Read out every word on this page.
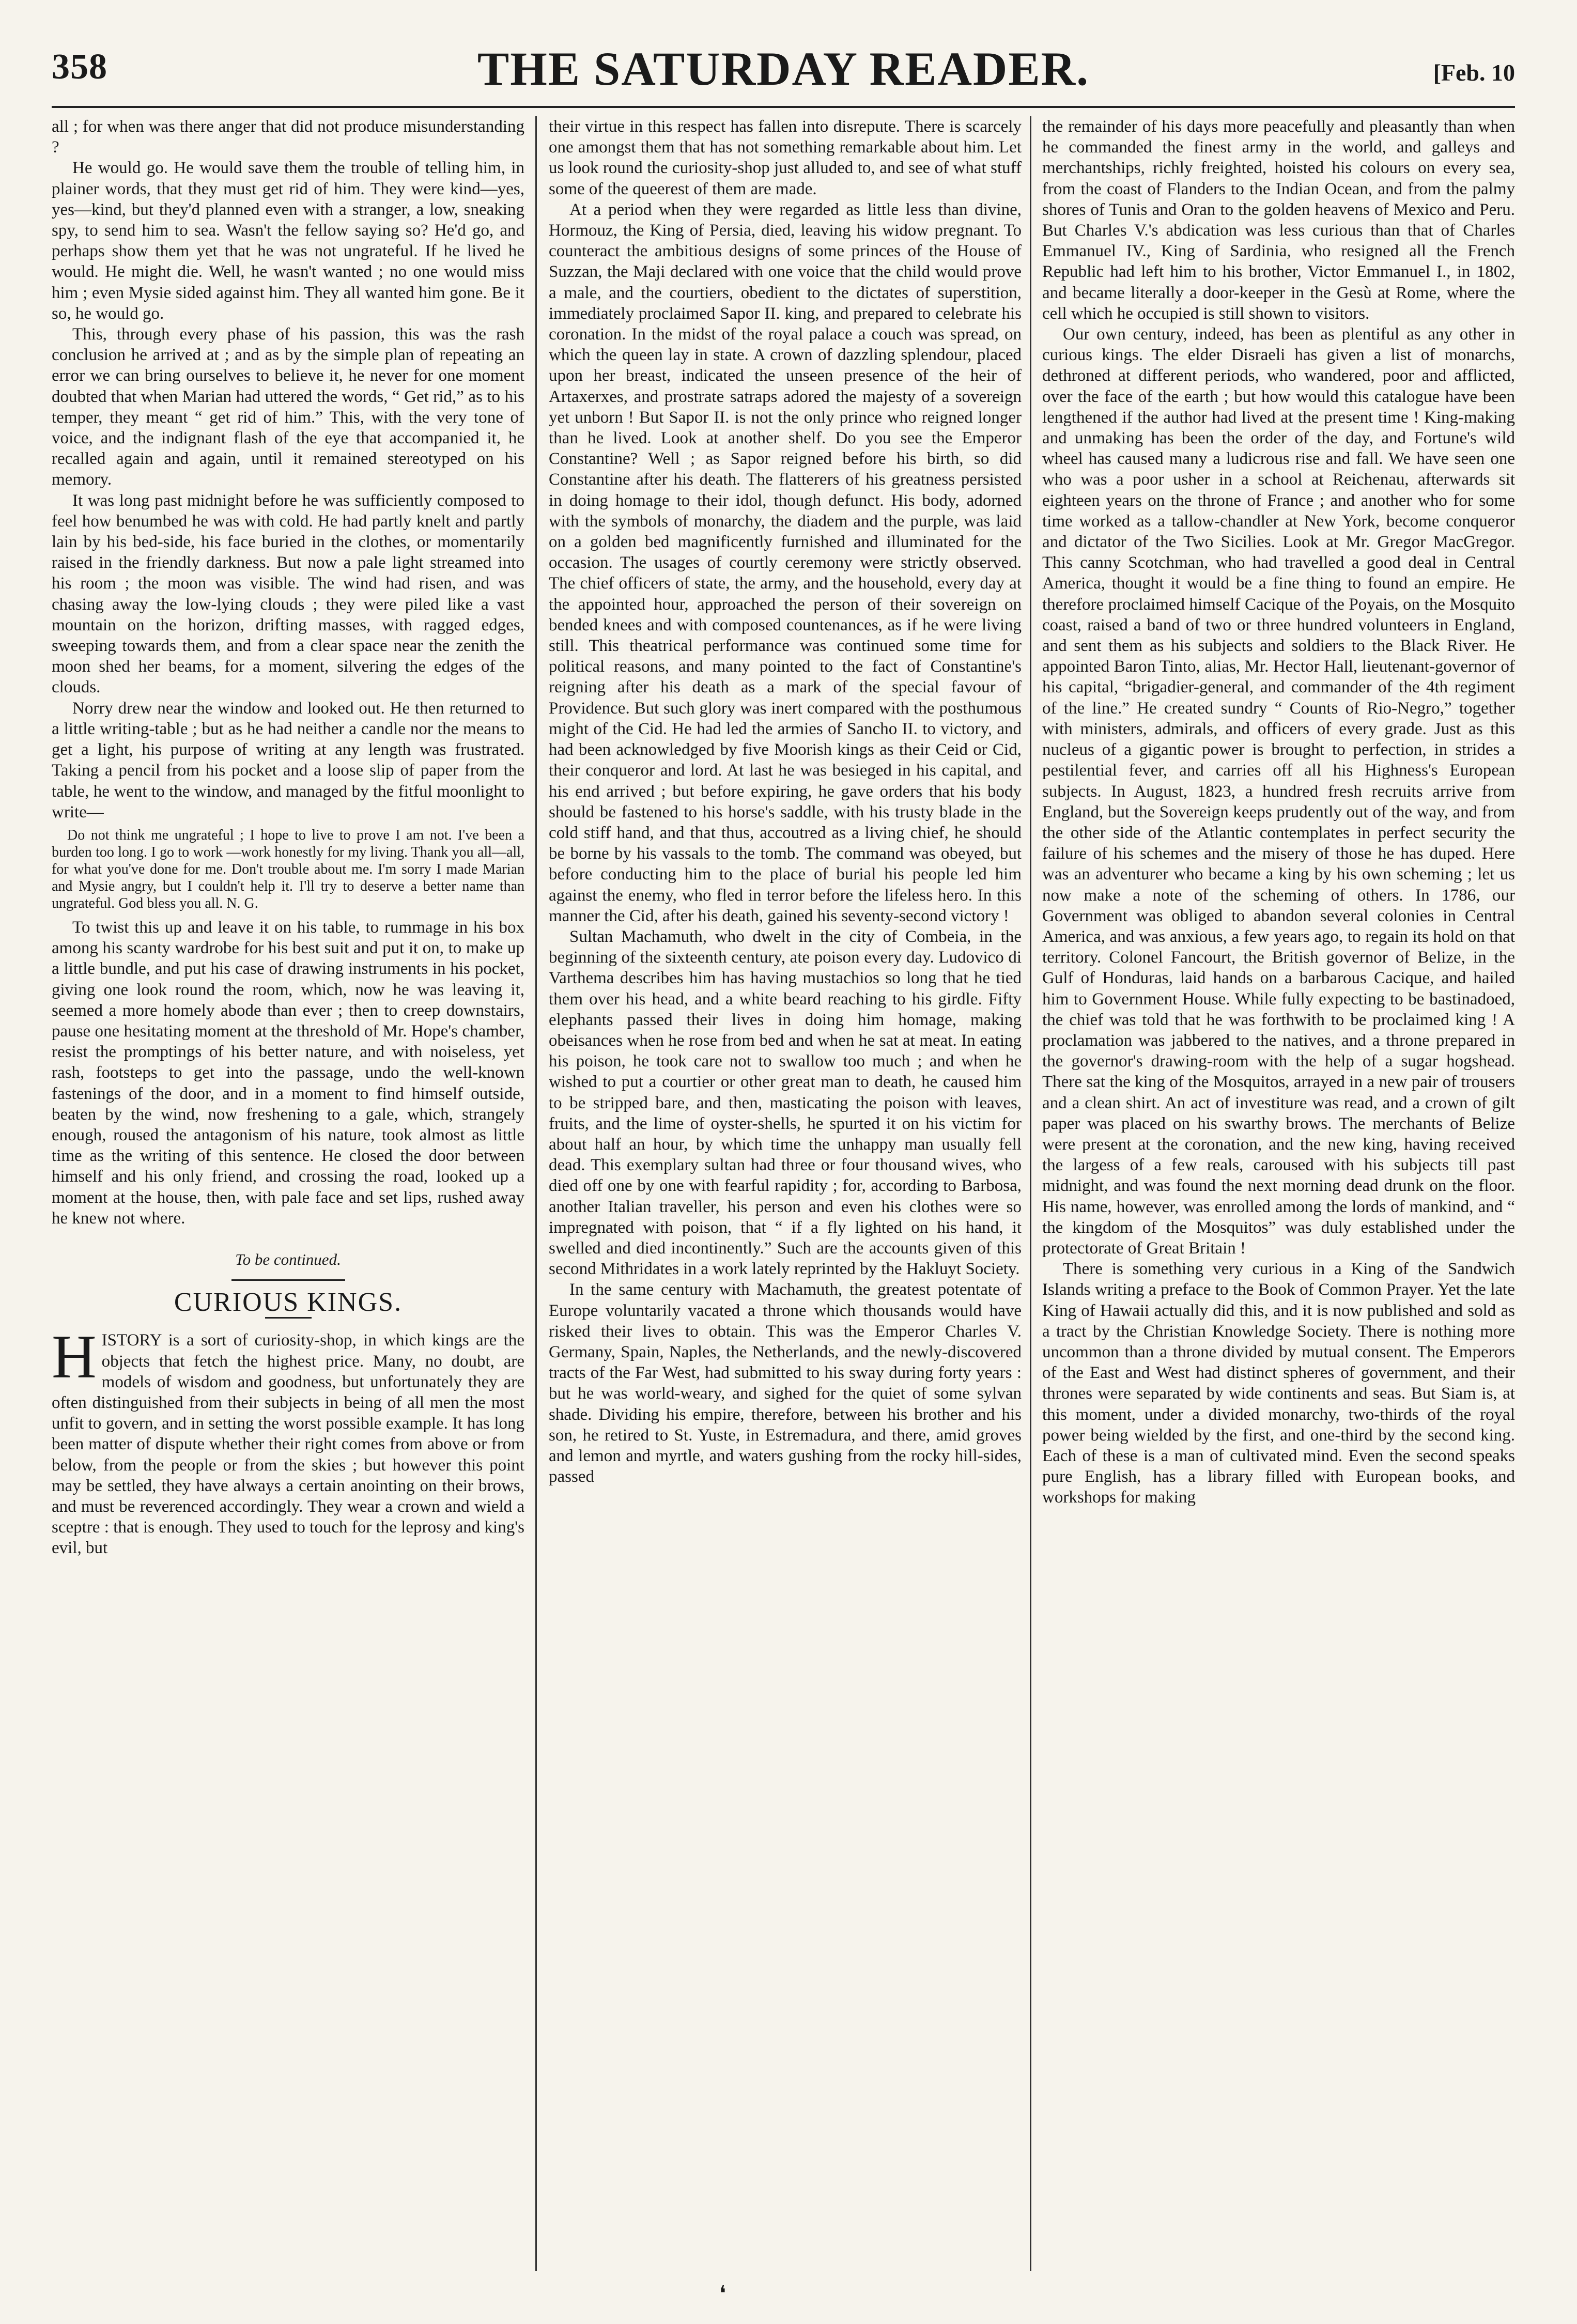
358	THE SATURDAY READER.	[Feb. 10

all ; for when was there anger that did not produce misunderstanding ?

He would go. He would save them the trouble of telling him, in plainer words, that they must get rid of him. They were kind—yes, yes—kind, but they'd planned even with a stranger, a low, sneaking spy, to send him to sea. Wasn't the fellow saying so? He'd go, and perhaps show them yet that he was not ungrateful. If he lived he would. He might die. Well, he wasn't wanted ; no one would miss him ; even Mysie sided against him. They all wanted him gone. Be it so, he would go.

This, through every phase of his passion, this was the rash conclusion he arrived at ; and as by the simple plan of repeating an error we can bring ourselves to believe it, he never for one moment doubted that when Marian had uttered the words, “ Get rid,” as to his temper, they meant “ get rid of him.” This, with the very tone of voice, and the indignant flash of the eye that accompanied it, he recalled again and again, until it remained stereotyped on his memory.

It was long past midnight before he was sufficiently composed to feel how benumbed he was with cold. He had partly knelt and partly lain by his bed-side, his face buried in the clothes, or momentarily raised in the friendly darkness. But now a pale light streamed into his room ; the moon was visible. The wind had risen, and was chasing away the low-lying clouds ; they were piled like a vast mountain on the horizon, drifting masses, with ragged edges, sweeping towards them, and from a clear space near the zenith the moon shed her beams, for a moment, silvering the edges of the clouds.

Norry drew near the window and looked out. He then returned to a little writing-table ; but as he had neither a candle nor the means to get a light, his purpose of writing at any length was frustrated. Taking a pencil from his pocket and a loose slip of paper from the table, he went to the window, and managed by the fitful moonlight to write—

Do not think me ungrateful ; I hope to live to prove I am not. I've been a burden too long. I go to work —work honestly for my living. Thank you all—all, for what you've done for me. Don't trouble about me. I'm sorry I made Marian and Mysie angry, but I couldn't help it. I'll try to deserve a better name than ungrateful. God bless you all. N. G.

To twist this up and leave it on his table, to rummage in his box among his scanty wardrobe for his best suit and put it on, to make up a little bundle, and put his case of drawing instruments in his pocket, giving one look round the room, which, now he was leaving it, seemed a more homely abode than ever ; then to creep downstairs, pause one hesitating moment at the threshold of Mr. Hope's chamber, resist the promptings of his better nature, and with noiseless, yet rash, footsteps to get into the passage, undo the well-known fastenings of the door, and in a moment to find himself outside, beaten by the wind, now freshening to a gale, which, strangely enough, roused the antagonism of his nature, took almost as little time as the writing of this sentence. He closed the door between himself and his only friend, and crossing the road, looked up a moment at the house, then, with pale face and set lips, rushed away he knew not where.

To be continued.
CURIOUS KINGS.

HISTORY is a sort of curiosity-shop, in which kings are the objects that fetch the highest price. Many, no doubt, are models of wisdom and goodness, but unfortunately they are often distinguished from their subjects in being of all men the most unfit to govern, and in setting the worst possible example. It has long been matter of dispute whether their right comes from above or from below, from the people or from the skies ; but however this point may be settled, they have always a certain anointing on their brows, and must be reverenced accordingly. They wear a crown and wield a sceptre : that is enough. They used to touch for the leprosy and king's evil, but

their virtue in this respect has fallen into disrepute. There is scarcely one amongst them that has not something remarkable about him. Let us look round the curiosity-shop just alluded to, and see of what stuff some of the queerest of them are made.

At a period when they were regarded as little less than divine, Hormouz, the King of Persia, died, leaving his widow pregnant. To counteract the ambitious designs of some princes of the House of Suzzan, the Maji declared with one voice that the child would prove a male, and the courtiers, obedient to the dictates of superstition, immediately proclaimed Sapor II. king, and prepared to celebrate his coronation. In the midst of the royal palace a couch was spread, on which the queen lay in state. A crown of dazzling splendour, placed upon her breast, indicated the unseen presence of the heir of Artaxerxes, and prostrate satraps adored the majesty of a sovereign yet unborn ! But Sapor II. is not the only prince who reigned longer than he lived. Look at another shelf. Do you see the Emperor Constantine? Well ; as Sapor reigned before his birth, so did Constantine after his death. The flatterers of his greatness persisted in doing homage to their idol, though defunct. His body, adorned with the symbols of monarchy, the diadem and the purple, was laid on a golden bed magnificently furnished and illuminated for the occasion. The usages of courtly ceremony were strictly observed. The chief officers of state, the army, and the household, every day at the appointed hour, approached the person of their sovereign on bended knees and with composed countenances, as if he were living still. This theatrical performance was continued some time for political reasons, and many pointed to the fact of Constantine's reigning after his death as a mark of the special favour of Providence. But such glory was inert compared with the posthumous might of the Cid. He had led the armies of Sancho II. to victory, and had been acknowledged by five Moorish kings as their Ceid or Cid, their conqueror and lord. At last he was besieged in his capital, and his end arrived ; but before expiring, he gave orders that his body should be fastened to his horse's saddle, with his trusty blade in the cold stiff hand, and that thus, accoutred as a living chief, he should be borne by his vassals to the tomb. The command was obeyed, but before conducting him to the place of burial his people led him against the enemy, who fled in terror before the lifeless hero. In this manner the Cid, after his death, gained his seventy-second victory !

Sultan Machamuth, who dwelt in the city of Combeia, in the beginning of the sixteenth century, ate poison every day. Ludovico di Varthema describes him has having mustachios so long that he tied them over his head, and a white beard reaching to his girdle. Fifty elephants passed their lives in doing him homage, making obeisances when he rose from bed and when he sat at meat. In eating his poison, he took care not to swallow too much ; and when he wished to put a courtier or other great man to death, he caused him to be stripped bare, and then, masticating the poison with leaves, fruits, and the lime of oyster-shells, he spurted it on his victim for about half an hour, by which time the unhappy man usually fell dead. This exemplary sultan had three or four thousand wives, who died off one by one with fearful rapidity ; for, according to Barbosa, another Italian traveller, his person and even his clothes were so impregnated with poison, that “ if a fly lighted on his hand, it swelled and died incontinently.” Such are the accounts given of this second Mithridates in a work lately reprinted by the Hakluyt Society.

In the same century with Machamuth, the greatest potentate of Europe voluntarily vacated a throne which thousands would have risked their lives to obtain. This was the Emperor Charles V. Germany, Spain, Naples, the Netherlands, and the newly-discovered tracts of the Far West, had submitted to his sway during forty years : but he was world-weary, and sighed for the quiet of some sylvan shade. Dividing his empire, therefore, between his brother and his son, he retired to St. Yuste, in Estremadura, and there, amid groves and lemon and myrtle, and waters gushing from the rocky hill-sides, passed

the remainder of his days more peacefully and pleasantly than when he commanded the finest army in the world, and galleys and merchantships, richly freighted, hoisted his colours on every sea, from the coast of Flanders to the Indian Ocean, and from the palmy shores of Tunis and Oran to the golden heavens of Mexico and Peru. But Charles V.'s abdication was less curious than that of Charles Emmanuel IV., King of Sardinia, who resigned all the French Republic had left him to his brother, Victor Emmanuel I., in 1802, and became literally a door-keeper in the Gesù at Rome, where the cell which he occupied is still shown to visitors.

Our own century, indeed, has been as plentiful as any other in curious kings. The elder Disraeli has given a list of monarchs, dethroned at different periods, who wandered, poor and afflicted, over the face of the earth ; but how would this catalogue have been lengthened if the author had lived at the present time ! King-making and unmaking has been the order of the day, and Fortune's wild wheel has caused many a ludicrous rise and fall. We have seen one who was a poor usher in a school at Reichenau, afterwards sit eighteen years on the throne of France ; and another who for some time worked as a tallow-chandler at New York, become conqueror and dictator of the Two Sicilies. Look at Mr. Gregor MacGregor. This canny Scotchman, who had travelled a good deal in Central America, thought it would be a fine thing to found an empire. He therefore proclaimed himself Cacique of the Poyais, on the Mosquito coast, raised a band of two or three hundred volunteers in England, and sent them as his subjects and soldiers to the Black River. He appointed Baron Tinto, alias, Mr. Hector Hall, lieutenant-governor of his capital, “brigadier-general, and commander of the 4th regiment of the line.” He created sundry “ Counts of Rio-Negro,” together with ministers, admirals, and officers of every grade. Just as this nucleus of a gigantic power is brought to perfection, in strides a pestilential fever, and carries off all his Highness's European subjects. In August, 1823, a hundred fresh recruits arrive from England, but the Sovereign keeps prudently out of the way, and from the other side of the Atlantic contemplates in perfect security the failure of his schemes and the misery of those he has duped. Here was an adventurer who became a king by his own scheming ; let us now make a note of the scheming of others. In 1786, our Government was obliged to abandon several colonies in Central America, and was anxious, a few years ago, to regain its hold on that territory. Colonel Fancourt, the British governor of Belize, in the Gulf of Honduras, laid hands on a barbarous Cacique, and hailed him to Government House. While fully expecting to be bastinadoed, the chief was told that he was forthwith to be proclaimed king ! A proclamation was jabbered to the natives, and a throne prepared in the governor's drawing-room with the help of a sugar hogshead. There sat the king of the Mosquitos, arrayed in a new pair of trousers and a clean shirt. An act of investiture was read, and a crown of gilt paper was placed on his swarthy brows. The merchants of Belize were present at the coronation, and the new king, having received the largess of a few reals, caroused with his subjects till past midnight, and was found the next morning dead drunk on the floor. His name, however, was enrolled among the lords of mankind, and “ the kingdom of the Mosquitos” was duly established under the protectorate of Great Britain !

There is something very curious in a King of the Sandwich Islands writing a preface to the Book of Common Prayer. Yet the late King of Hawaii actually did this, and it is now published and sold as a tract by the Christian Knowledge Society. There is nothing more uncommon than a throne divided by mutual consent. The Emperors of the East and West had distinct spheres of government, and their thrones were separated by wide continents and seas. But Siam is, at this moment, under a divided monarchy, two-thirds of the royal power being wielded by the first, and one-third by the second king. Each of these is a man of cultivated mind. Even the second speaks pure English, has a library filled with European books, and workshops for making

❛
